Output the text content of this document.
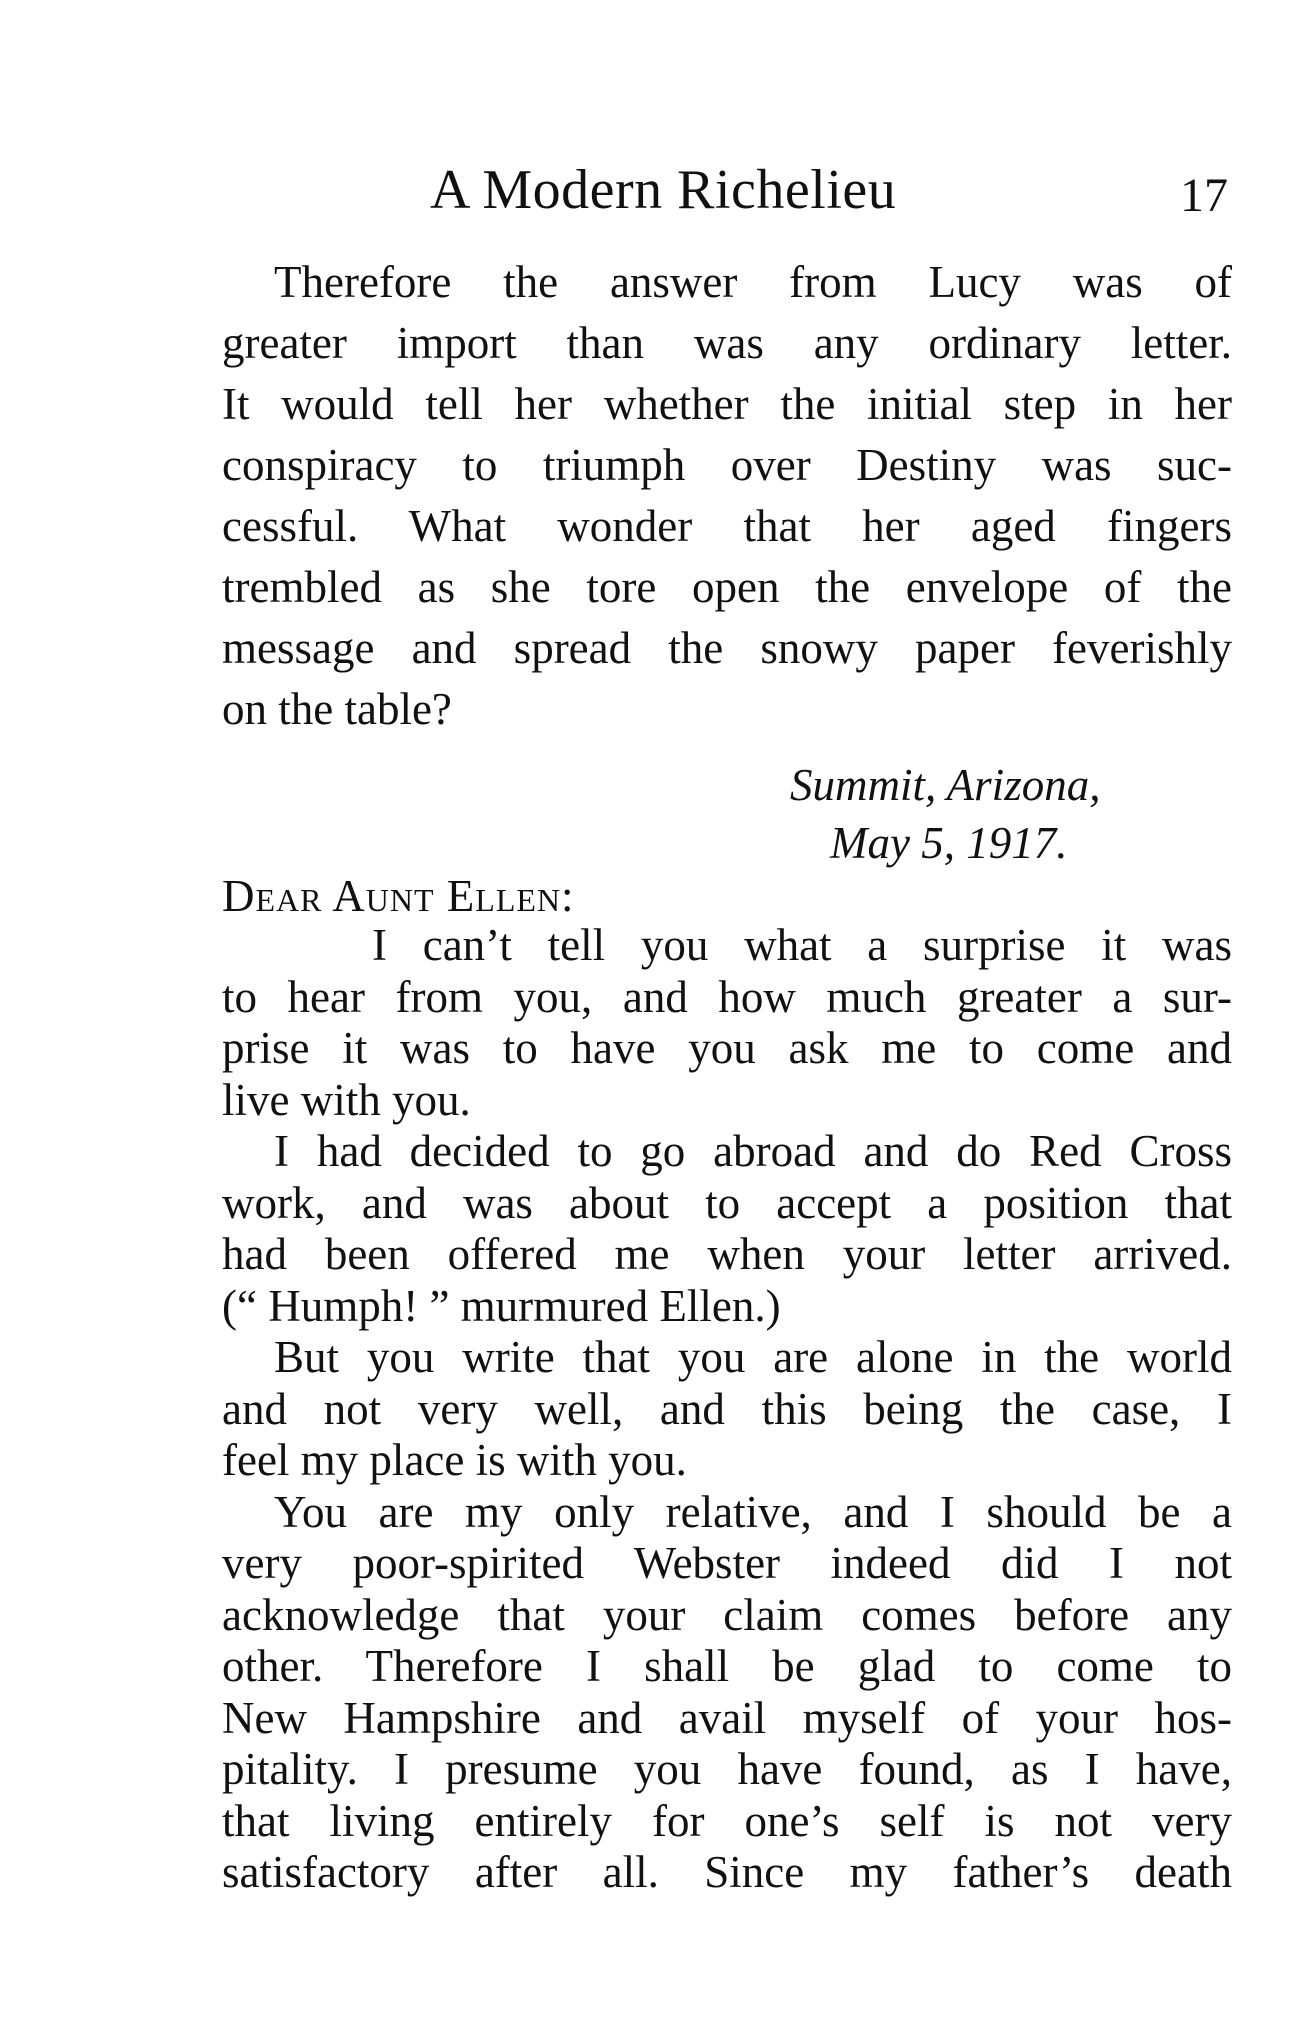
A Modern Richelieu	17
Therefore the answer from Lucy was of
greater import than was any ordinary letter.
It would tell her whether the initial step in her
conspiracy to triumph over Destiny was suc-
cessful. What wonder that her aged fingers
trembled as she tore open the envelope of the
message and spread the snowy paper feverishly
on the table?
Summit, Arizona,
May 5, 1917.
Dear Aunt Ellen:
I can’t tell you what a surprise it was
to hear from you, and how much greater a sur-
prise it was to have you ask me to come and
live with you.
I had decided to go abroad and do Red Cross
work, and was about to accept a position that
had been offered me when your letter arrived.
(“ Humph! ” murmured Ellen.)
But you write that you are alone in the world
and not very well, and this being the case, I
feel my place is with you.
You are my only relative, and I should be a
very poor-spirited Webster indeed did I not
acknowledge that your claim comes before any
other. Therefore I shall be glad to come to
New Hampshire and avail myself of your hos-
pitality. I presume you have found, as I have,
that living entirely for one’s self is not very
satisfactory after all. Since my father’s death
